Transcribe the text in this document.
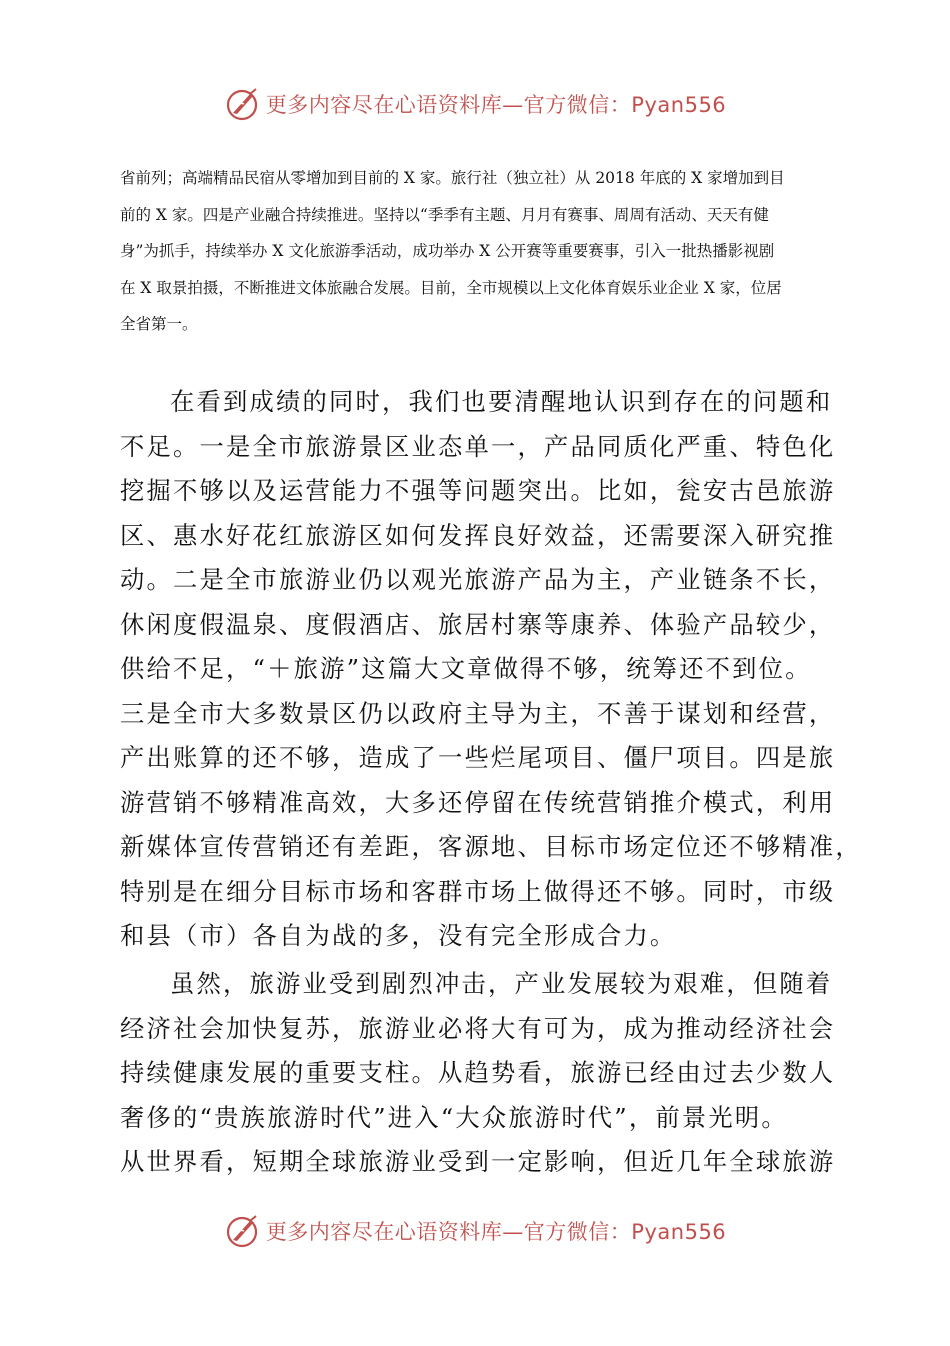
更多内容尽在心语资料库—官方微信：Pyan556
省前列；高端精品民宿从零增加到目前的 X 家。旅行社（独立社）从 2018 年底的 X 家增加到目
前的 X 家。四是产业融合持续推进。坚持以“季季有主题、月月有赛事、周周有活动、天天有健
身”为抓手，持续举办 X 文化旅游季活动，成功举办 X 公开赛等重要赛事，引入一批热播影视剧
在 X 取景拍摄，不断推进文体旅融合发展。目前，全市规模以上文化体育娱乐业企业 X 家，位居
全省第一。
在看到成绩的同时，我们也要清醒地认识到存在的问题和
不足。一是全市旅游景区业态单一，产品同质化严重、特色化
挖掘不够以及运营能力不强等问题突出。比如，瓮安古邑旅游
区、惠水好花红旅游区如何发挥良好效益，还需要深入研究推
动。二是全市旅游业仍以观光旅游产品为主，产业链条不长，
休闲度假温泉、度假酒店、旅居村寨等康养、体验产品较少，
供给不足，“＋旅游”这篇大文章做得不够，统筹还不到位。
三是全市大多数景区仍以政府主导为主，不善于谋划和经营，
产出账算的还不够，造成了一些烂尾项目、僵尸项目。四是旅
游营销不够精准高效，大多还停留在传统营销推介模式，利用
新媒体宣传营销还有差距，客源地、目标市场定位还不够精准，
特别是在细分目标市场和客群市场上做得还不够。同时，市级
和县（市）各自为战的多，没有完全形成合力。
虽然，旅游业受到剧烈冲击，产业发展较为艰难，但随着
经济社会加快复苏，旅游业必将大有可为，成为推动经济社会
持续健康发展的重要支柱。从趋势看，旅游已经由过去少数人
奢侈的“贵族旅游时代”进入“大众旅游时代”，前景光明。
从世界看，短期全球旅游业受到一定影响，但近几年全球旅游
更多内容尽在心语资料库—官方微信：Pyan556
